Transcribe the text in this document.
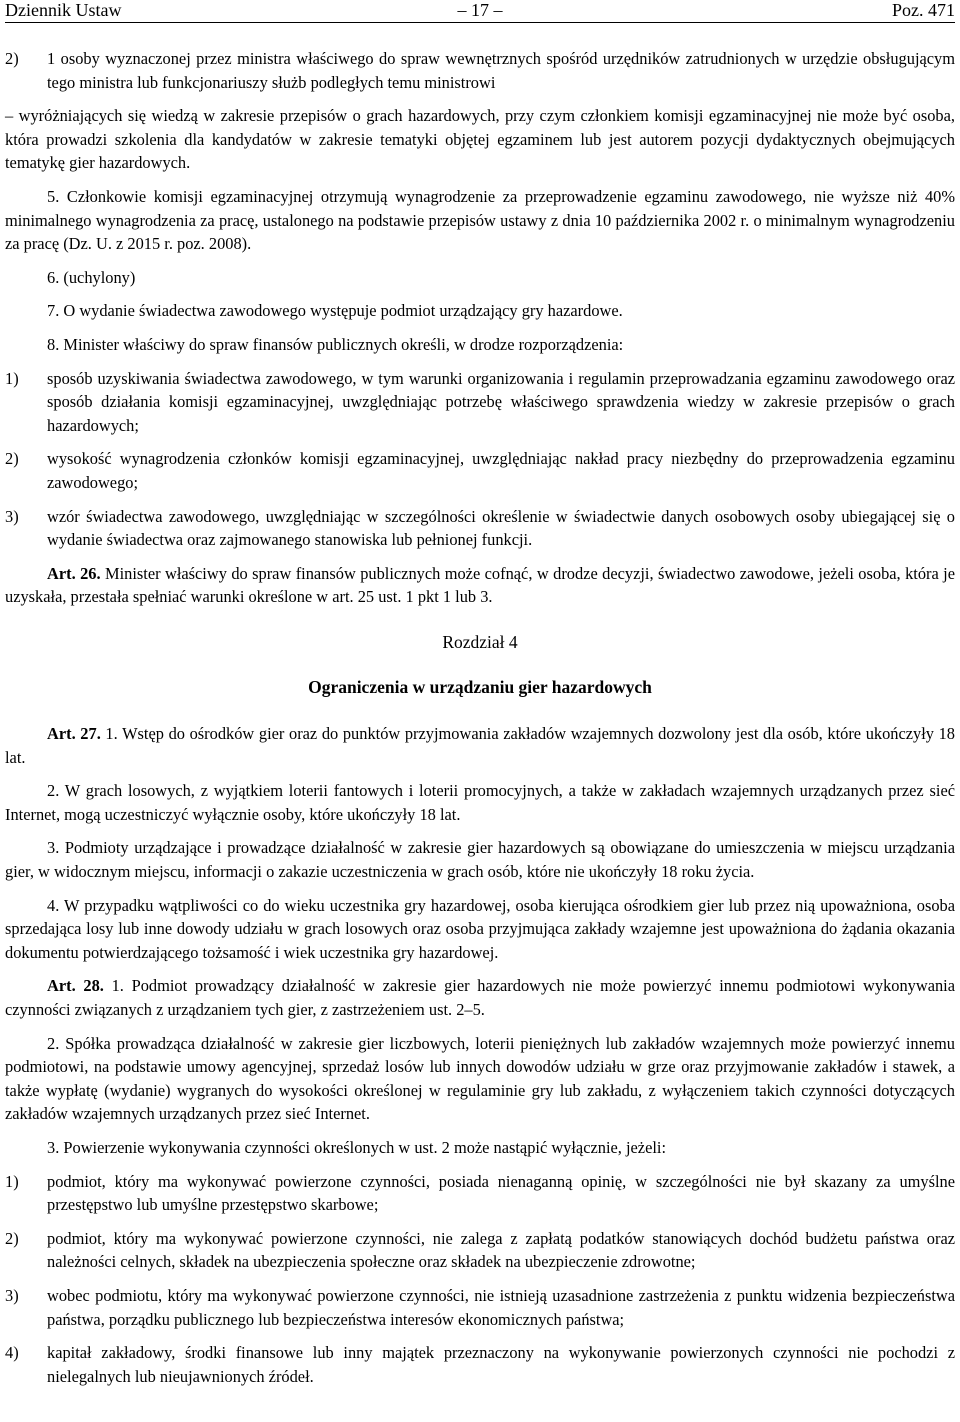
Dziennik Ustaw	– 17 –	Poz. 471
2)	1 osoby wyznaczonej przez ministra właściwego do spraw wewnętrznych spośród urzędników zatrudnionych w urzędzie obsługującym tego ministra lub funkcjonariuszy służb podległych temu ministrowi

– wyróżniających się wiedzą w zakresie przepisów o grach hazardowych, przy czym członkiem komisji egzaminacyjnej nie może być osoba, która prowadzi szkolenia dla kandydatów w zakresie tematyki objętej egzaminem lub jest autorem pozycji dydaktycznych obejmujących tematykę gier hazardowych.

5. Członkowie komisji egzaminacyjnej otrzymują wynagrodzenie za przeprowadzenie egzaminu zawodowego, nie wyższe niż 40% minimalnego wynagrodzenia za pracę, ustalonego na podstawie przepisów ustawy z dnia 10 października 2002 r. o minimalnym wynagrodzeniu za pracę (Dz. U. z 2015 r. poz. 2008).

6. (uchylony)

7. O wydanie świadectwa zawodowego występuje podmiot urządzający gry hazardowe.

8. Minister właściwy do spraw finansów publicznych określi, w drodze rozporządzenia:

1)	sposób uzyskiwania świadectwa zawodowego, w tym warunki organizowania i regulamin przeprowadzania egzaminu zawodowego oraz sposób działania komisji egzaminacyjnej, uwzględniając potrzebę właściwego sprawdzenia wiedzy w zakresie przepisów o grach hazardowych;
2)	wysokość wynagrodzenia członków komisji egzaminacyjnej, uwzględniając nakład pracy niezbędny do przeprowadzenia egzaminu zawodowego;
3)	wzór świadectwa zawodowego, uwzględniając w szczególności określenie w świadectwie danych osobowych osoby ubiegającej się o wydanie świadectwa oraz zajmowanego stanowiska lub pełnionej funkcji.

Art. 26. Minister właściwy do spraw finansów publicznych może cofnąć, w drodze decyzji, świadectwo zawodowe, jeżeli osoba, która je uzyskała, przestała spełniać warunki określone w art. 25 ust. 1 pkt 1 lub 3.

Rozdział 4
Ograniczenia w urządzaniu gier hazardowych

Art. 27. 1. Wstęp do ośrodków gier oraz do punktów przyjmowania zakładów wzajemnych dozwolony jest dla osób, które ukończyły 18 lat.

2. W grach losowych, z wyjątkiem loterii fantowych i loterii promocyjnych, a także w zakładach wzajemnych urządzanych przez sieć Internet, mogą uczestniczyć wyłącznie osoby, które ukończyły 18 lat.

3. Podmioty urządzające i prowadzące działalność w zakresie gier hazardowych są obowiązane do umieszczenia w miejscu urządzania gier, w widocznym miejscu, informacji o zakazie uczestniczenia w grach osób, które nie ukończyły 18 roku życia.

4. W przypadku wątpliwości co do wieku uczestnika gry hazardowej, osoba kierująca ośrodkiem gier lub przez nią upoważniona, osoba sprzedająca losy lub inne dowody udziału w grach losowych oraz osoba przyjmująca zakłady wzajemne jest upoważniona do żądania okazania dokumentu potwierdzającego tożsamość i wiek uczestnika gry hazardowej.

Art. 28. 1. Podmiot prowadzący działalność w zakresie gier hazardowych nie może powierzyć innemu podmiotowi wykonywania czynności związanych z urządzaniem tych gier, z zastrzeżeniem ust. 2–5.

2. Spółka prowadząca działalność w zakresie gier liczbowych, loterii pieniężnych lub zakładów wzajemnych może powierzyć innemu podmiotowi, na podstawie umowy agencyjnej, sprzedaż losów lub innych dowodów udziału w grze oraz przyjmowanie zakładów i stawek, a także wypłatę (wydanie) wygranych do wysokości określonej w regulaminie gry lub zakładu, z wyłączeniem takich czynności dotyczących zakładów wzajemnych urządzanych przez sieć Internet.

3. Powierzenie wykonywania czynności określonych w ust. 2 może nastąpić wyłącznie, jeżeli:

1)	podmiot, który ma wykonywać powierzone czynności, posiada nienaganną opinię, w szczególności nie był skazany za umyślne przestępstwo lub umyślne przestępstwo skarbowe;
2)	podmiot, który ma wykonywać powierzone czynności, nie zalega z zapłatą podatków stanowiących dochód budżetu państwa oraz należności celnych, składek na ubezpieczenia społeczne oraz składek na ubezpieczenie zdrowotne;
3)	wobec podmiotu, który ma wykonywać powierzone czynności, nie istnieją uzasadnione zastrzeżenia z punktu widzenia bezpieczeństwa państwa, porządku publicznego lub bezpieczeństwa interesów ekonomicznych państwa;
4)	kapitał zakładowy, środki finansowe lub inny majątek przeznaczony na wykonywanie powierzonych czynności nie pochodzi z nielegalnych lub nieujawnionych źródeł.
